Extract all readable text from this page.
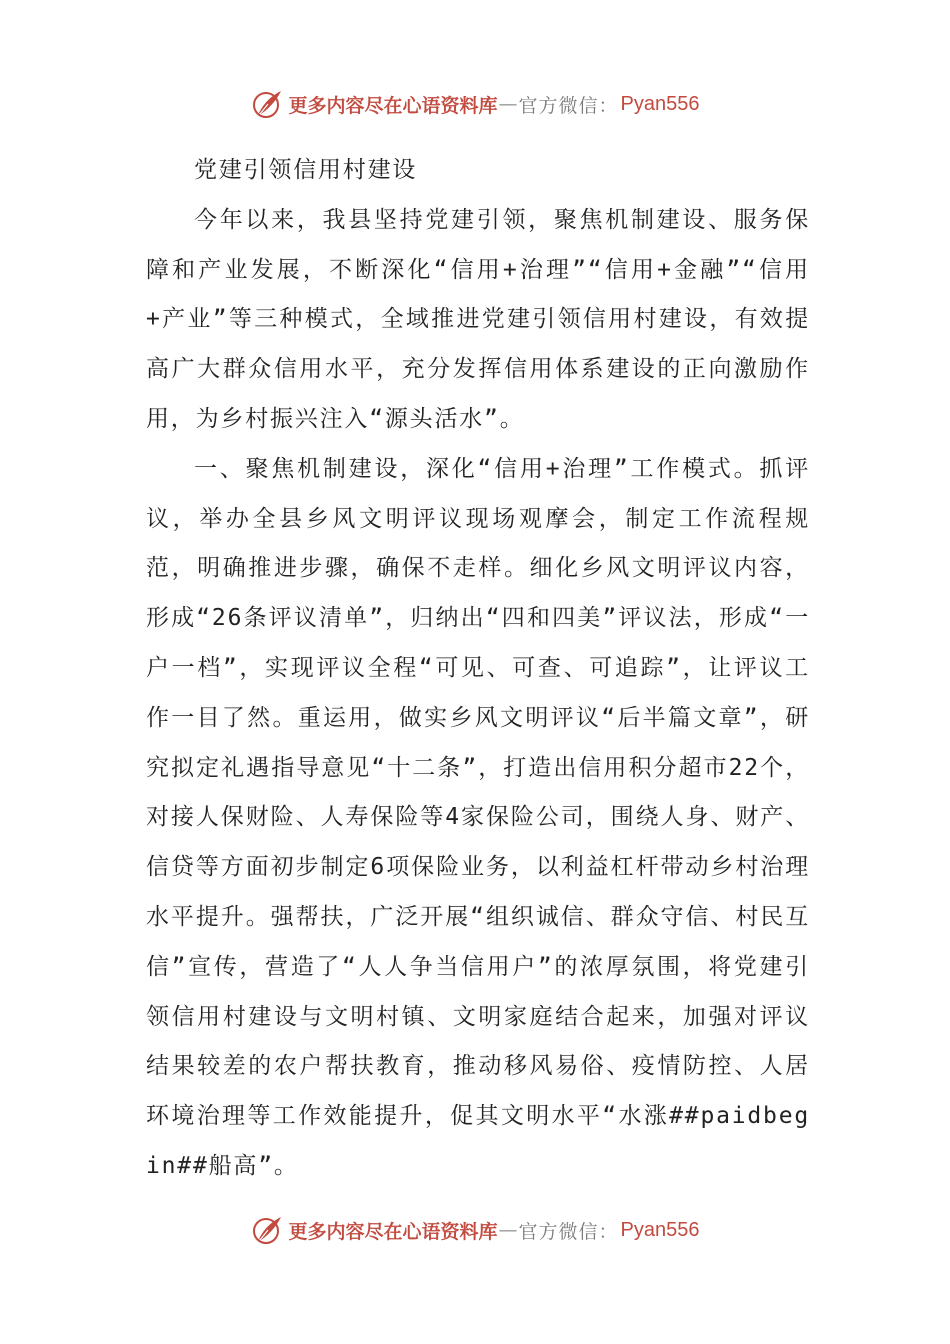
更多内容尽在心语资料库 — 官方微信： Pyan556
党建引领信用村建设

今年以来，我县坚持党建引领，聚焦机制建设、服务保障和产业发展，不断深化“信用+治理”“信用+金融”“信用+产业”等三种模式，全域推进党建引领信用村建设，有效提高广大群众信用水平，充分发挥信用体系建设的正向激励作用，为乡村振兴注入“源头活水”。

一、聚焦机制建设，深化“信用+治理”工作模式。抓评议，举办全县乡风文明评议现场观摩会，制定工作流程规范，明确推进步骤，确保不走样。细化乡风文明评议内容，形成“26条评议清单”，归纳出“四和四美”评议法，形成“一户一档”，实现评议全程“可见、可查、可追踪”，让评议工作一目了然。重运用，做实乡风文明评议“后半篇文章”，研究拟定礼遇指导意见“十二条”，打造出信用积分超市22个，对接人保财险、人寿保险等4家保险公司，围绕人身、财产、信贷等方面初步制定6项保险业务，以利益杠杆带动乡村治理水平提升。强帮扶，广泛开展“组织诚信、群众守信、村民互信”宣传，营造了“人人争当信用户”的浓厚氛围，将党建引领信用村建设与文明村镇、文明家庭结合起来，加强对评议结果较差的农户帮扶教育，推动移风易俗、疫情防控、人居环境治理等工作效能提升，促其文明水平“水涨##paidbegin##船高”。

更多内容尽在心语资料库 — 官方微信： Pyan556
